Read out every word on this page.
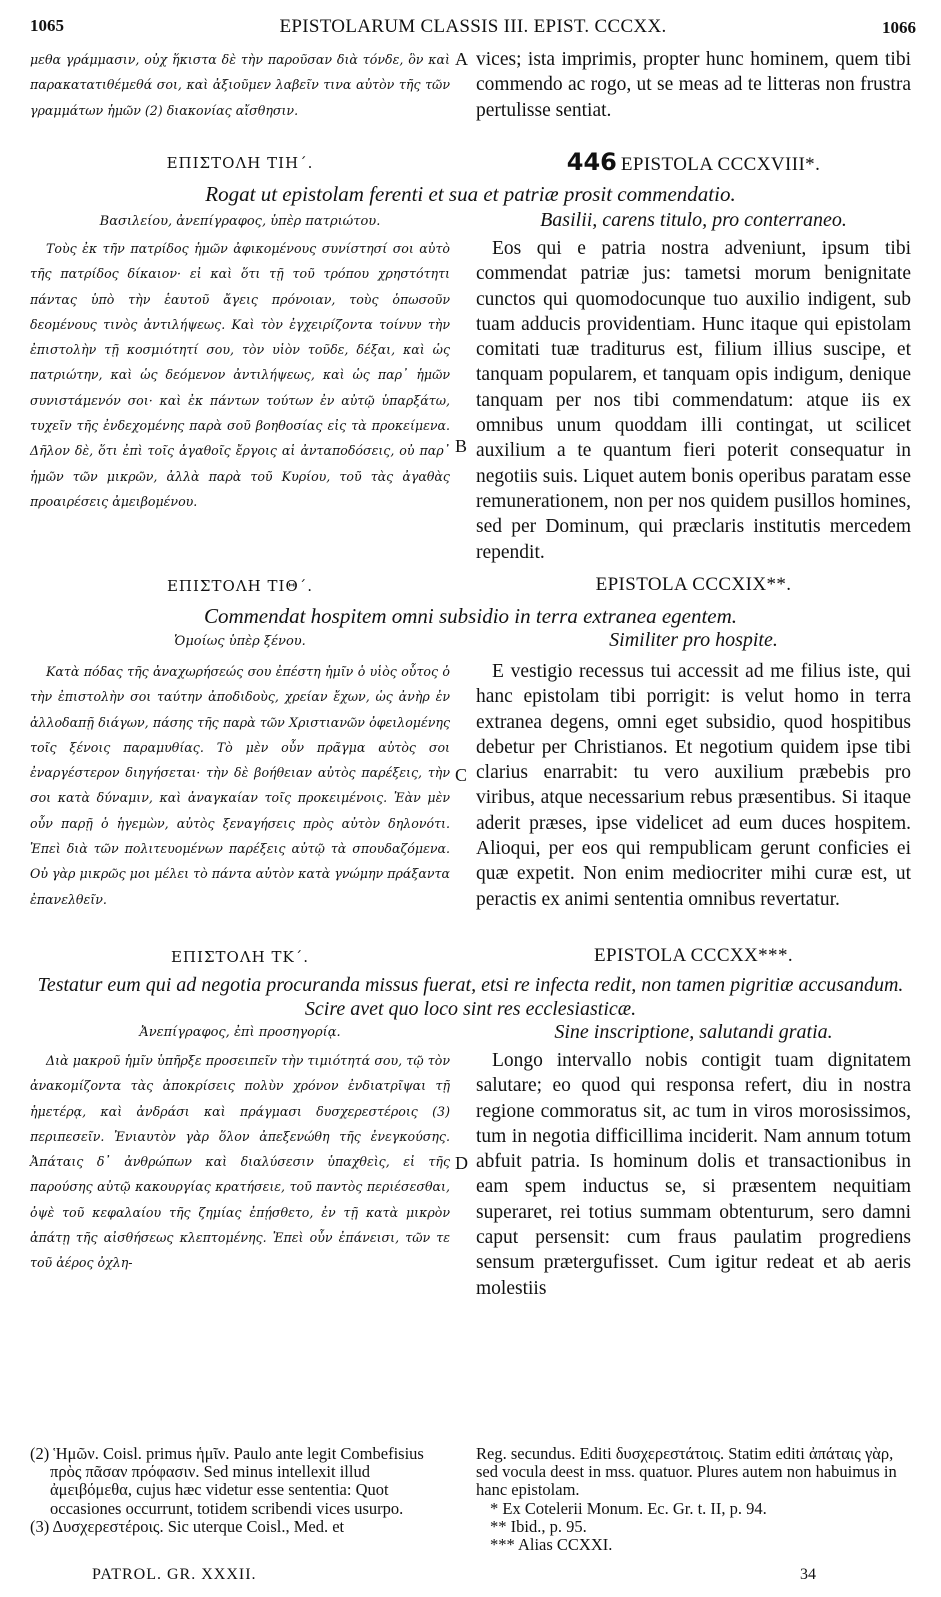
1065	EPISTOLARUM CLASSIS III. EPIST. CCCXX.	1066

μεθα γράμμασιν, οὐχ ἥκιστα δὲ τὴν παροῦσαν διὰ τόνδε, ὃν καὶ παρακατατιθέμεθά σοι, καὶ ἀξιοῦμεν λαβεῖν τινα αὐτὸν τῆς τῶν γραμμάτων ἡμῶν (2) διακονίας αἴσθησιν.

vices; ista imprimis, propter hunc hominem, quem tibi commendo ac rogo, ut se meas ad te litteras non frustra pertulisse sentiat.

A
ΕΠΙΣΤΟΛΗ ΤΙΗ΄.	446 EPISTOLA CCCXVIII*.
Rogat ut epistolam ferenti et sua et patriæ prosit commendatio.
Βασιλείου, ἀνεπίγραφος, ὑπὲρ πατριώτου.	Basilii, carens titulo, pro conterraneo.

Τοὺς ἐκ τῆν πατρίδος ἡμῶν ἀφικομένους συνίστησί σοι αὐτὸ τῆς πατρίδος δίκαιον· εἰ καὶ ὅτι τῇ τοῦ τρόπου χρηστότητι πάντας ὑπὸ τὴν ἑαυτοῦ ἄγεις πρόνοιαν, τοὺς ὁπωσοῦν δεομένους τινὸς ἀντιλήψεως. Καὶ τὸν ἐγχειρίζοντα τοίνυν τὴν ἐπιστολὴν τῇ κοσμιότητί σου, τὸν υἱὸν τοῦδε, δέξαι, καὶ ὡς πατριώτην, καὶ ὡς δεόμενον ἀντιλήψεως, καὶ ὡς παρ᾽ ἡμῶν συνιστάμενόν σοι· καὶ ἐκ πάντων τούτων ἐν αὐτῷ ὑπαρξάτω, τυχεῖν τῆς ἐνδεχομένης παρὰ σοῦ βοηθοσίας εἰς τὰ προκείμενα. Δῆλον δὲ, ὅτι ἐπὶ τοῖς ἀγαθοῖς ἔργοις αἱ ἀνταποδόσεις, οὐ παρ᾽ ἡμῶν τῶν μικρῶν, ἀλλὰ παρὰ τοῦ Κυρίου, τοῦ τὰς ἀγαθὰς προαιρέσεις ἀμειβομένου.

Eos qui e patria nostra adveniunt, ipsum tibi commendat patriæ jus: tametsi morum benignitate cunctos qui quomodocunque tuo auxilio indigent, sub tuam adducis providentiam. Hunc itaque qui epistolam comitati tuæ traditurus est, filium illius suscipe, et tanquam popularem, et tanquam opis indigum, denique tanquam per nos tibi commendatum: atque iis ex omnibus unum quoddam illi contingat, ut scilicet auxilium a te quantum fieri poterit consequatur in negotiis suis. Liquet autem bonis operibus paratam esse remunerationem, non per nos quidem pusillos homines, sed per Dominum, qui præclaris institutis mercedem rependit.

B
ΕΠΙΣΤΟΛΗ ΤΙΘ΄.	EPISTOLA CCCXIX**.
Commendat hospitem omni subsidio in terra extranea egentem.
Ὁμοίως ὑπὲρ ξένου.	Similiter pro hospite.

Κατὰ πόδας τῆς ἀναχωρήσεώς σου ἐπέστη ἡμῖν ὁ υἱὸς οὗτος ὁ τὴν ἐπιστολὴν σοι ταύτην ἀποδιδοὺς, χρείαν ἔχων, ὡς ἀνὴρ ἐν ἀλλοδαπῇ διάγων, πάσης τῆς παρὰ τῶν Χριστιανῶν ὀφειλομένης τοῖς ξένοις παραμυθίας. Τὸ μὲν οὖν πρᾶγμα αὐτὸς σοι ἐναργέστερον διηγήσεται· τὴν δὲ βοήθειαν αὐτὸς παρέξεις, τὴν σοι κατὰ δύναμιν, καὶ ἀναγκαίαν τοῖς προκειμένοις. Ἐὰν μὲν οὖν παρῇ ὁ ἡγεμὼν, αὐτὸς ξεναγήσεις πρὸς αὐτὸν δηλονότι. Ἐπεὶ διὰ τῶν πολιτευομένων παρέξεις αὐτῷ τὰ σπουδαζόμενα. Οὐ γὰρ μικρῶς μοι μέλει τὸ πάντα αὐτὸν κατὰ γνώμην πράξαντα ἐπανελθεῖν.

E vestigio recessus tui accessit ad me filius iste, qui hanc epistolam tibi porrigit: is velut homo in terra extranea degens, omni eget subsidio, quod hospitibus debetur per Christianos. Et negotium quidem ipse tibi clarius enarrabit: tu vero auxilium præbebis pro viribus, atque necessarium rebus præsentibus. Si itaque aderit præses, ipse videlicet ad eum duces hospitem. Alioqui, per eos qui rempublicam gerunt conficies ei quæ expetit. Non enim mediocriter mihi curæ est, ut peractis ex animi sententia omnibus revertatur.

C
ΕΠΙΣΤΟΛΗ ΤΚ΄.	EPISTOLA CCCXX***.
Testatur eum qui ad negotia procuranda missus fuerat, etsi re infecta redit, non tamen pigritiæ accusandum. Scire avet quo loco sint res ecclesiasticæ.
Ἀνεπίγραφος, ἐπὶ προσηγορίᾳ.	Sine inscriptione, salutandi gratia.

Διὰ μακροῦ ἡμῖν ὑπῆρξε προσειπεῖν τὴν τιμιότητά σου, τῷ τὸν ἀνακομίζοντα τὰς ἀποκρίσεις πολὺν χρόνον ἐνδιατρῖψαι τῇ ἡμετέρᾳ, καὶ ἀνδράσι καὶ πράγμασι δυσχερεστέροις (3) περιπεσεῖν. Ἐνιαυτὸν γὰρ ὅλον ἀπεξενώθη τῆς ἐνεγκούσης. Ἀπάταις δ᾽ ἀνθρώπων καὶ διαλύσεσιν ὑπαχθεὶς, εἰ τῆς παρούσης αὐτῷ κακουργίας κρατήσειε, τοῦ παντὸς περιέσεσθαι, ὀψὲ τοῦ κεφαλαίου τῆς ζημίας ἐπῄσθετο, ἐν τῇ κατὰ μικρὸν ἀπάτῃ τῆς αἰσθήσεως κλεπτομένης. Ἐπεὶ οὖν ἐπάνεισι, τῶν τε τοῦ ἀέρος ὀχλη-

Longo intervallo nobis contigit tuam dignitatem salutare; eo quod qui responsa refert, diu in nostra regione commoratus sit, ac tum in viros morosissimos, tum in negotia difficillima inciderit. Nam annum totum abfuit patria. Is hominum dolis et transactionibus in eam spem inductus se, si præsentem nequitiam superaret, rei totius summam obtenturum, sero damni caput persensit: cum fraus paulatim progrediens sensum prætergufisset. Cum igitur redeat et ab aeris molestiis

D

(2) Ἡμῶν. Coisl. primus ἡμῖν. Paulo ante legit Combefisius πρὸς πᾶσαν πρόφασιν. Sed minus intellexit illud ἀμειβόμεθα, cujus hæc videtur esse sententia: Quot occasiones occurrunt, totidem scribendi vices usurpo.

(3) Δυσχερεστέροις. Sic uterque Coisl., Med. et

Reg. secundus. Editi δυσχερεστάτοις. Statim editi ἀπάταις γὰρ, sed vocula deest in mss. quatuor. Plures autem non habuimus in hanc epistolam.

* Ex Cotelerii Monum. Ec. Gr. t. II, p. 94.

** Ibid., p. 95.

*** Alias CCXXI.

PATROL. GR. XXXII.	34
